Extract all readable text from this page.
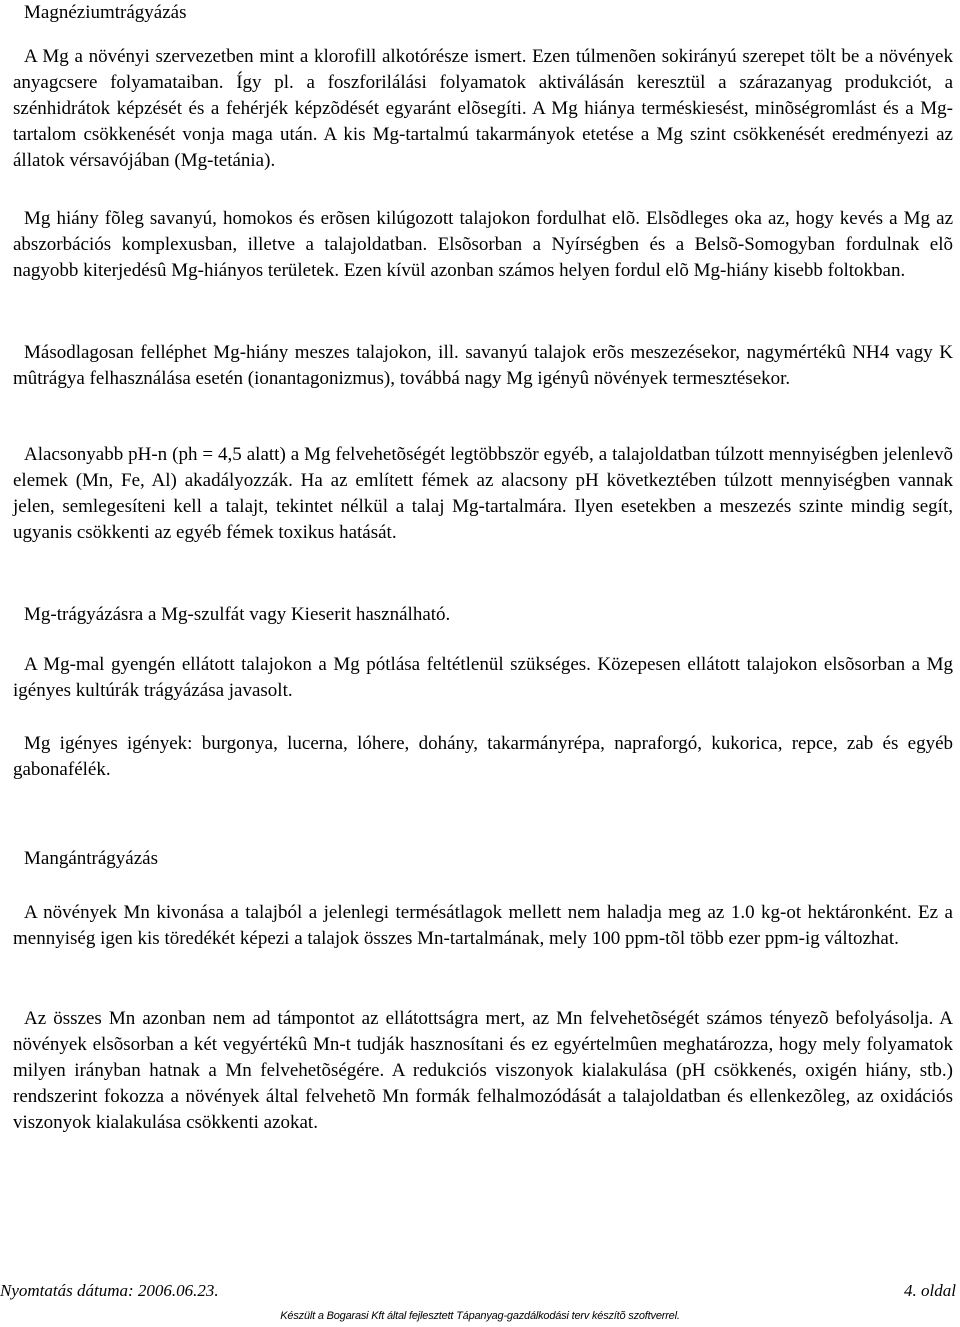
Magnéziumtrágyázás

A Mg a növényi szervezetben mint a klorofill alkotórésze ismert. Ezen túlmenõen sokirányú szerepet tölt be a növények anyagcsere folyamataiban. Így pl. a foszforilálási folyamatok aktiválásán keresztül a szárazanyag produkciót, a szénhidrátok képzését és a fehérjék képzõdését egyaránt elõsegíti. A Mg hiánya terméskiesést, minõségromlást és a Mg-tartalom csökkenését vonja maga után. A kis Mg-tartalmú takarmányok etetése a Mg szint csökkenését eredményezi az állatok vérsavójában (Mg-tetánia).

Mg hiány fõleg savanyú, homokos és erõsen kilúgozott talajokon fordulhat elõ. Elsõdleges oka az, hogy kevés a Mg az abszorbációs komplexusban, illetve a talajoldatban. Elsõsorban a Nyírségben és a Belsõ-Somogyban fordulnak elõ nagyobb kiterjedésû Mg-hiányos területek. Ezen kívül azonban számos helyen fordul elõ Mg-hiány kisebb foltokban.

Másodlagosan felléphet Mg-hiány meszes talajokon, ill. savanyú talajok erõs meszezésekor, nagymértékû NH4 vagy K mûtrágya felhasználása esetén (ionantagonizmus), továbbá nagy Mg igényû növények termesztésekor.

Alacsonyabb pH-n (ph = 4,5 alatt) a Mg felvehetõségét legtöbbször egyéb, a talajoldatban túlzott mennyiségben jelenlevõ elemek (Mn, Fe, Al) akadályozzák. Ha az említett fémek az alacsony pH következtében túlzott mennyiségben vannak jelen, semlegesíteni kell a talajt, tekintet nélkül a talaj Mg-tartalmára. Ilyen esetekben a meszezés szinte mindig segít, ugyanis csökkenti az egyéb fémek toxikus hatását.

Mg-trágyázásra a Mg-szulfát vagy Kieserit használható.

A Mg-mal gyengén ellátott talajokon a Mg pótlása feltétlenül szükséges. Közepesen ellátott talajokon elsõsorban a Mg igényes kultúrák trágyázása javasolt.

Mg igényes igények: burgonya, lucerna, lóhere, dohány, takarmányrépa, napraforgó, kukorica, repce, zab és egyéb gabonafélék.

Mangántrágyázás

A növények Mn kivonása a talajból a jelenlegi termésátlagok mellett nem haladja meg az 1.0 kg-ot hektáronként. Ez a mennyiség igen kis töredékét képezi a talajok összes Mn-tartalmának, mely 100 ppm-tõl több ezer ppm-ig változhat.

Az összes Mn azonban nem ad támpontot az ellátottságra mert, az Mn felvehetõségét számos tényezõ befolyásolja. A növények elsõsorban a két vegyértékû Mn-t tudják hasznosítani és ez egyértelmûen meghatározza, hogy mely folyamatok milyen irányban hatnak a Mn felvehetõségére. A redukciós viszonyok kialakulása (pH csökkenés, oxigén hiány, stb.) rendszerint fokozza a növények által felvehetõ Mn formák felhalmozódását a talajoldatban és ellenkezõleg, az oxidációs viszonyok kialakulása csökkenti azokat.

Nyomtatás dátuma: 2006.06.23.	4. oldal
Készült a Bogarasi Kft által fejlesztett Tápanyag-gazdálkodási terv készítõ szoftverrel.
